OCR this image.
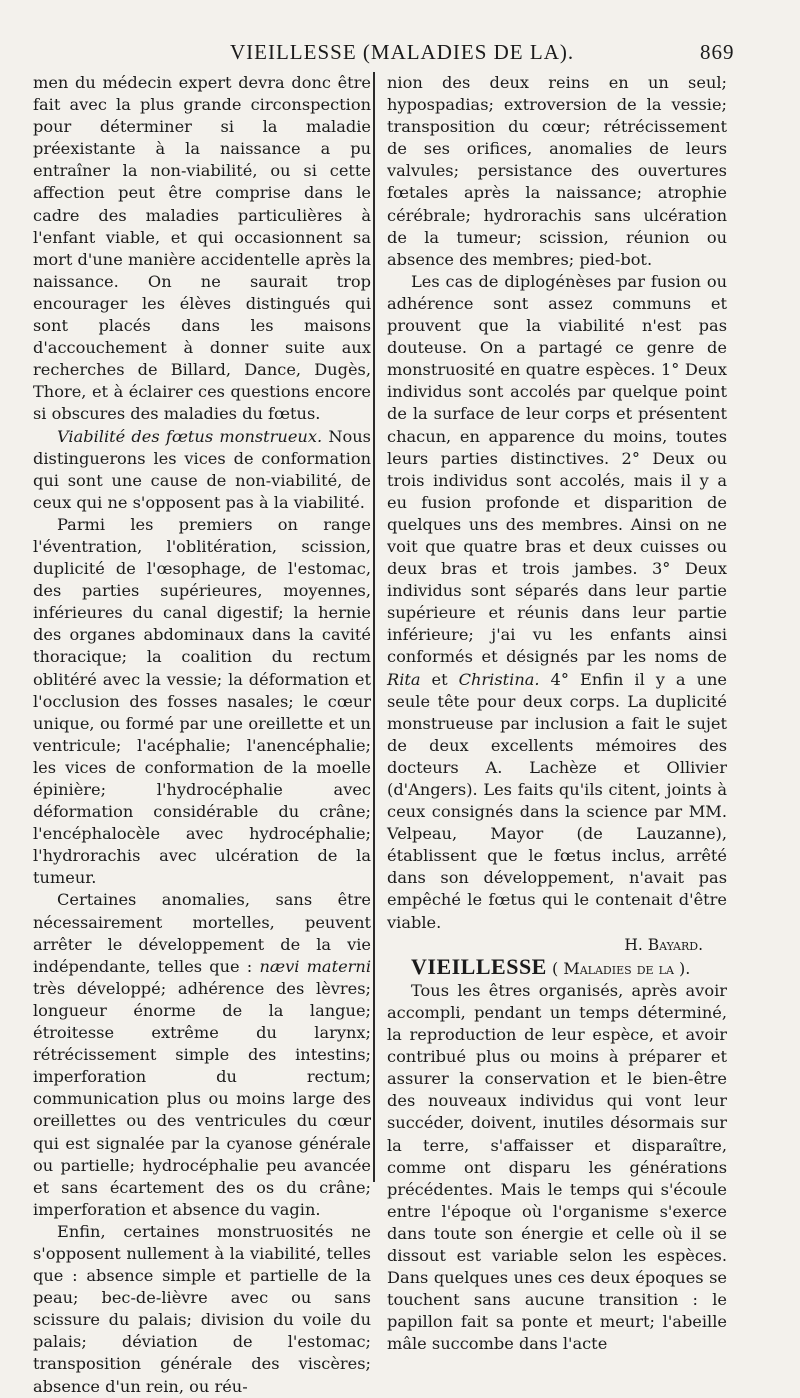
VIEILLESSE (MALADIES DE LA).	869

men du médecin expert devra donc être fait avec la plus grande circonspection pour déterminer si la maladie préexistante à la naissance a pu entraîner la non-viabilité, ou si cette affection peut être comprise dans le cadre des maladies particulières à l'enfant viable, et qui occasionnent sa mort d'une manière accidentelle après la naissance. On ne saurait trop encourager les élèves distingués qui sont placés dans les maisons d'accouchement à donner suite aux recherches de Billard, Dance, Dugès, Thore, et à éclairer ces questions encore si obscures des maladies du fœtus.

Viabilité des fœtus monstrueux. Nous distinguerons les vices de conformation qui sont une cause de non-viabilité, de ceux qui ne s'opposent pas à la viabilité.

Parmi les premiers on range l'éventration, l'oblitération, scission, duplicité de l'œsophage, de l'estomac, des parties supérieures, moyennes, inférieures du canal digestif; la hernie des organes abdominaux dans la cavité thoracique; la coalition du rectum oblitéré avec la vessie; la déformation et l'occlusion des fosses nasales; le cœur unique, ou formé par une oreillette et un ventricule; l'acéphalie; l'anencéphalie; les vices de conformation de la moelle épinière; l'hydrocéphalie avec déformation considérable du crâne; l'encéphalocèle avec hydrocéphalie; l'hydrorachis avec ulcération de la tumeur.

Certaines anomalies, sans être nécessairement mortelles, peuvent arrêter le développement de la vie indépendante, telles que : nævi materni très développé; adhérence des lèvres; longueur énorme de la langue; étroitesse extrême du larynx; rétrécissement simple des intestins; imperforation du rectum; communication plus ou moins large des oreillettes ou des ventricules du cœur qui est signalée par la cyanose générale ou partielle; hydrocéphalie peu avancée et sans écartement des os du crâne; imperforation et absence du vagin.

Enfin, certaines monstruosités ne s'opposent nullement à la viabilité, telles que : absence simple et partielle de la peau; bec-de-lièvre avec ou sans scissure du palais; division du voile du palais; déviation de l'estomac; transposition générale des viscères; absence d'un rein, ou réu-

nion des deux reins en un seul; hypospadias; extroversion de la vessie; transposition du cœur; rétrécissement de ses orifices, anomalies de leurs valvules; persistance des ouvertures fœtales après la naissance; atrophie cérébrale; hydrorachis sans ulcération de la tumeur; scission, réunion ou absence des membres; pied-bot.

Les cas de diplogénèses par fusion ou adhérence sont assez communs et prouvent que la viabilité n'est pas douteuse. On a partagé ce genre de monstruosité en quatre espèces. 1° Deux individus sont accolés par quelque point de la surface de leur corps et présentent chacun, en apparence du moins, toutes leurs parties distinctives. 2° Deux ou trois individus sont accolés, mais il y a eu fusion profonde et disparition de quelques uns des membres. Ainsi on ne voit que quatre bras et deux cuisses ou deux bras et trois jambes. 3° Deux individus sont séparés dans leur partie supérieure et réunis dans leur partie inférieure; j'ai vu les enfants ainsi conformés et désignés par les noms de Rita et Christina. 4° Enfin il y a une seule tête pour deux corps. La duplicité monstrueuse par inclusion a fait le sujet de deux excellents mémoires des docteurs A. Lachèze et Ollivier (d'Angers). Les faits qu'ils citent, joints à ceux consignés dans la science par MM. Velpeau, Mayor (de Lauzanne), établissent que le fœtus inclus, arrêté dans son développement, n'avait pas empêché le fœtus qui le contenait d'être viable.

H. Bayard.

VIEILLESSE ( Maladies de la ).

Tous les êtres organisés, après avoir accompli, pendant un temps déterminé, la reproduction de leur espèce, et avoir contribué plus ou moins à préparer et assurer la conservation et le bien-être des nouveaux individus qui vont leur succéder, doivent, inutiles désormais sur la terre, s'affaisser et disparaître, comme ont disparu les générations précédentes. Mais le temps qui s'écoule entre l'époque où l'organisme s'exerce dans toute son énergie et celle où il se dissout est variable selon les espèces. Dans quelques unes ces deux époques se touchent sans aucune transition : le papillon fait sa ponte et meurt; l'abeille mâle succombe dans l'acte
